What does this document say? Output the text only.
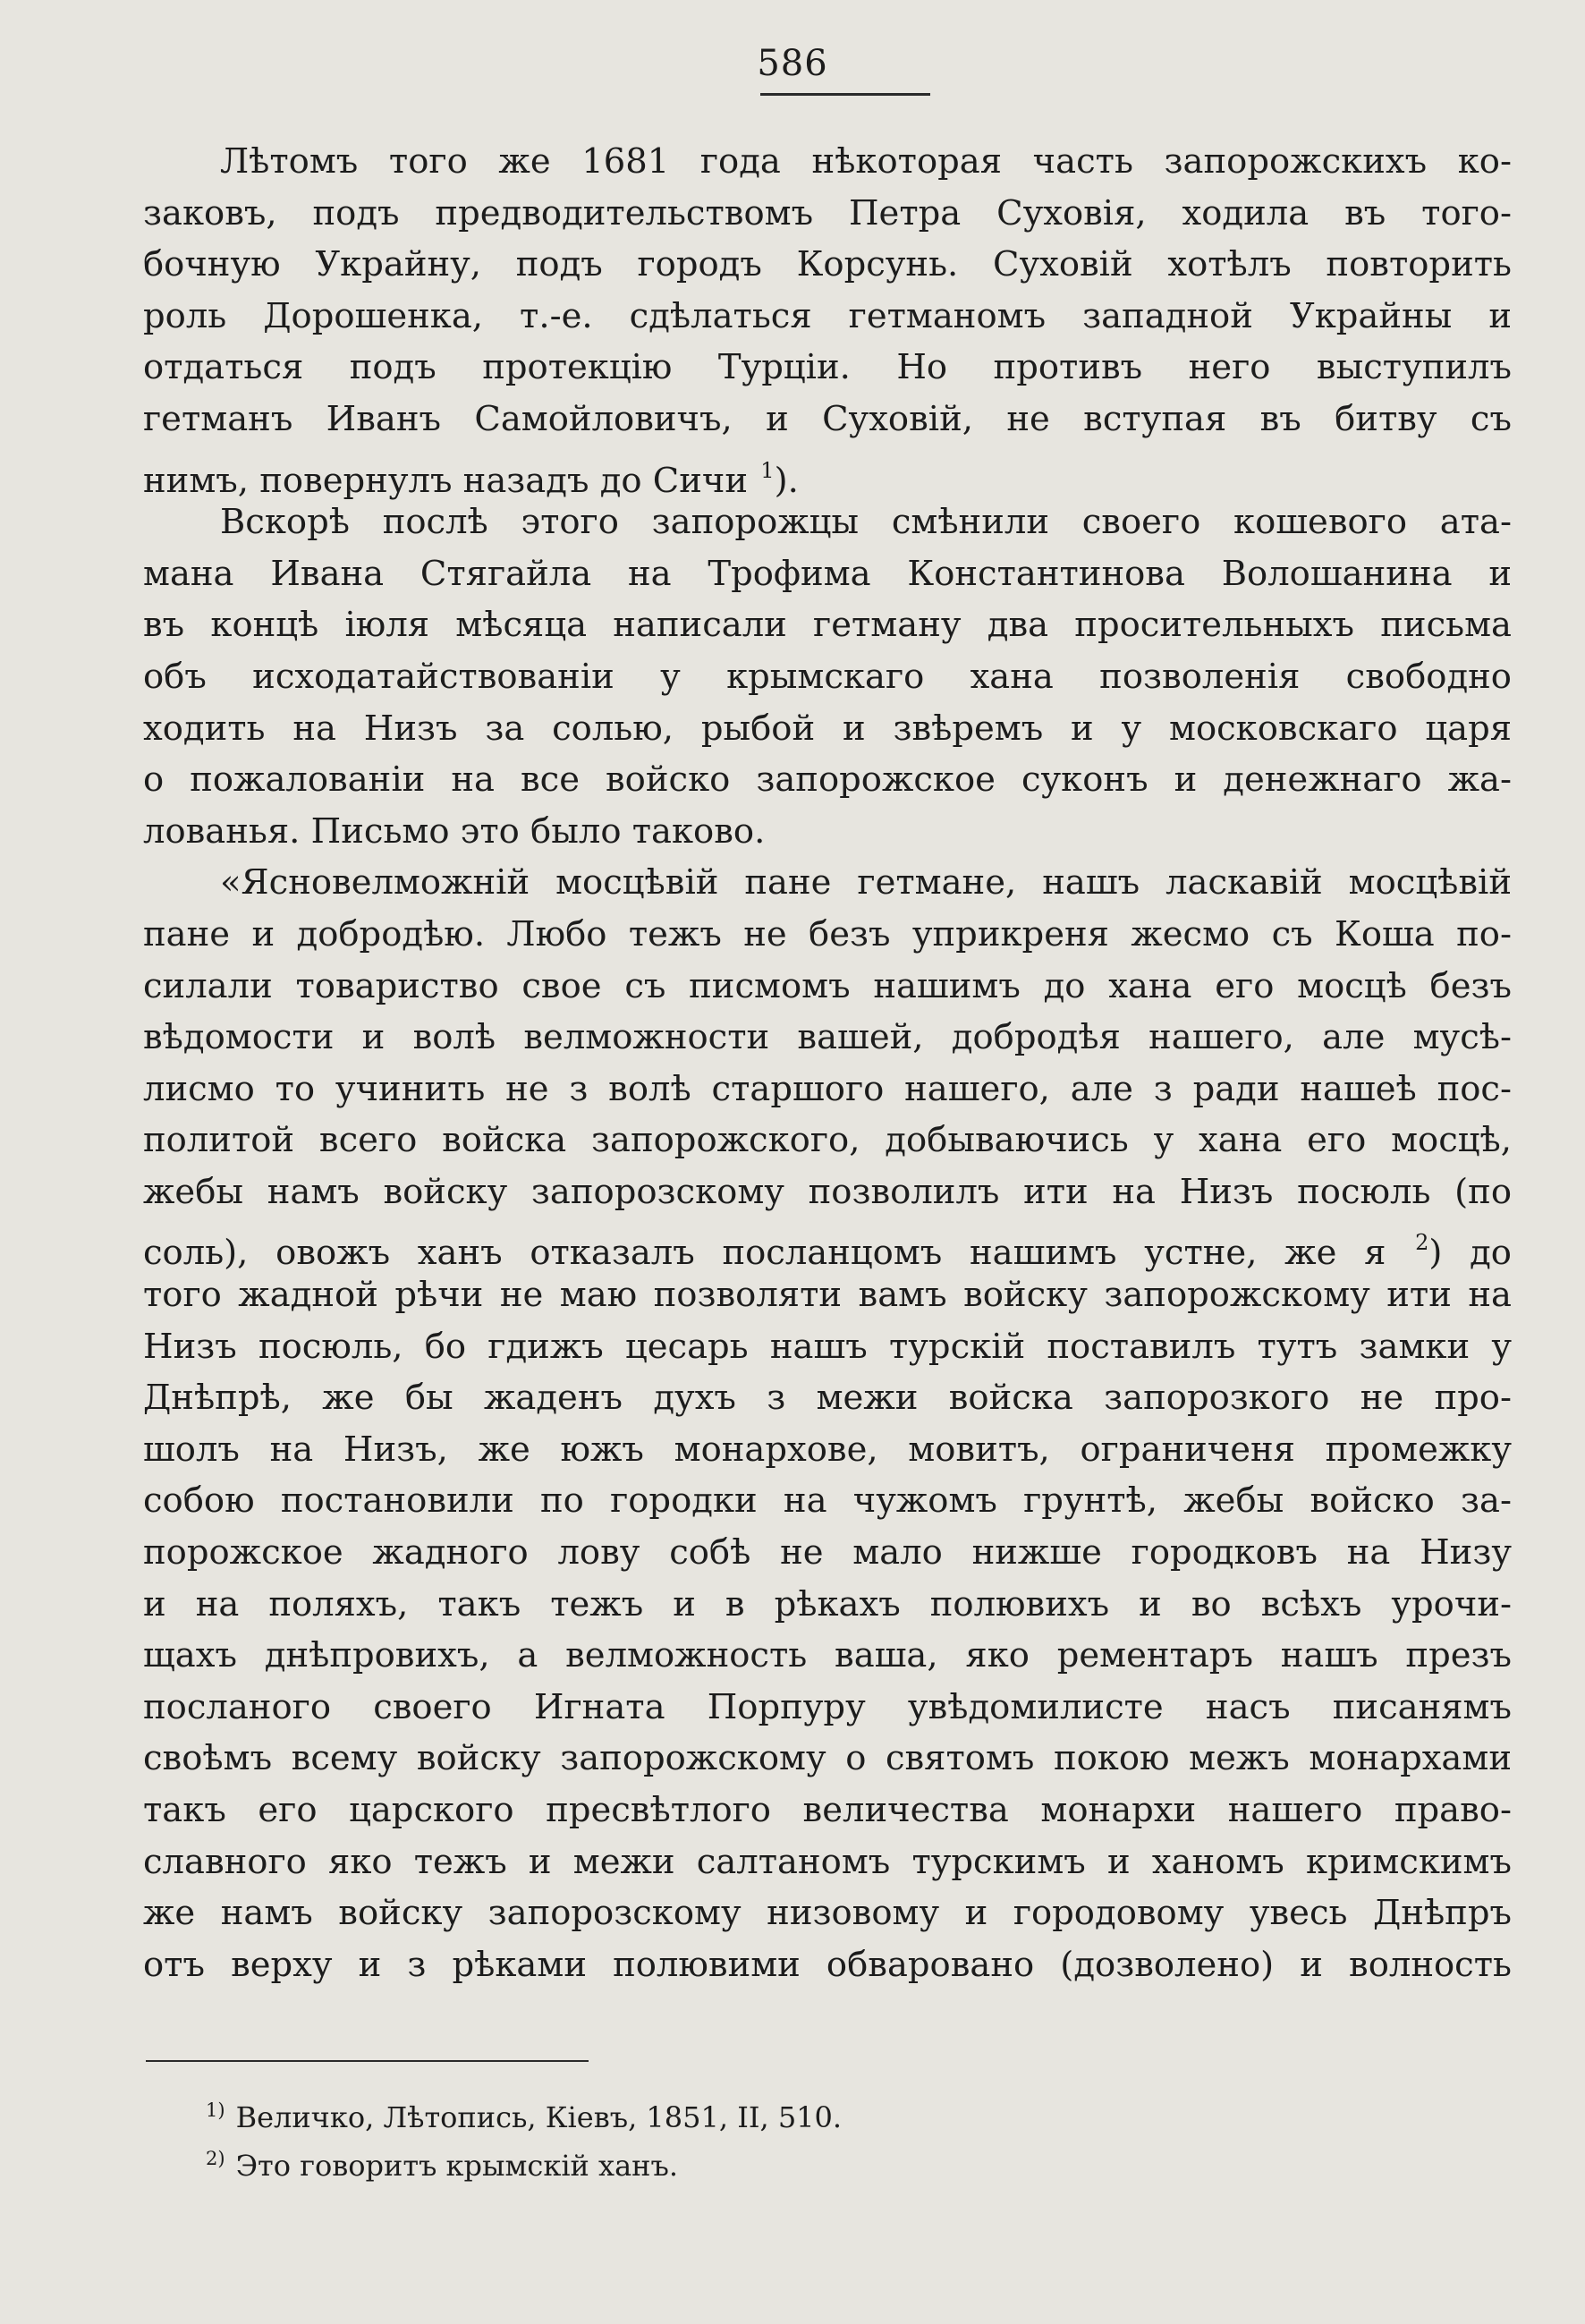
586
Лѣтомъ того же 1681 года нѣкоторая часть запорожскихъ ко-
заковъ, подъ предводительствомъ Петра Суховія, ходила въ того-
бочную Украйну, подъ городъ Корсунь. Суховій хотѣлъ повторить
роль Дорошенка, т.-е. сдѣлаться гетманомъ западной Украйны и
отдаться подъ протекцію Турціи. Но противъ него выступилъ
гетманъ Иванъ Самойловичъ, и Суховій, не вступая въ битву съ
нимъ, повернулъ назадъ до Сичи $^1$).
Вскорѣ послѣ этого запорожцы смѣнили своего кошевого ата-
мана Ивана Стягайла на Трофима Константинова Волошанина и
въ концѣ іюля мѣсяца написали гетману два просительныхъ письма
объ исходатайствованіи у крымскаго хана позволенія свободно
ходить на Низъ за солью, рыбой и звѣремъ и у московскаго царя
о пожалованіи на все войско запорожское суконъ и денежнаго жа-
лованья. Письмо это было таково.
«Ясновелможній мосцѣвій пане гетмане, нашъ ласкавій мосцѣвій
пане и добродѣю. Любо тежъ не безъ уприкреня жесмо съ Коша по-
силали товариство свое съ писмомъ нашимъ до хана его мосцѣ безъ
вѣдомости и волѣ велможности вашей, добродѣя нашего, але мусѣ-
лисмо то учинить не з волѣ старшого нашего, але з ради нашеѣ пос-
политой всего войска запорожского, добываючись у хана его мосцѣ,
жебы намъ войску запорозскому позволилъ ити на Низъ посюль (по
соль), овожъ ханъ отказалъ посланцомъ нашимъ устне, же я $^2$) до
того жадной рѣчи не маю позволяти вамъ войску запорожскому ити на
Низъ посюль, бо гдижъ цесарь нашъ турскій поставилъ тутъ замки у
Днѣпрѣ, же бы жаденъ духъ з межи войска запорозкого не про-
шолъ на Низъ, же южъ монархове, мовитъ, ограниченя промежку
собою постановили по городки на чужомъ грунтѣ, жебы войско за-
порожское жадного лову собѣ не мало нижше городковъ на Низу
и на поляхъ, такъ тежъ и в рѣкахъ полювихъ и во всѣхъ урочи-
щахъ днѣпровихъ, а велможность ваша, яко рементаръ нашъ презъ
посланого своего Игната Порпуру увѣдомилисте насъ писанямъ
своѣмъ всему войску запорожскому о святомъ покою межъ монархами
такъ его царского пресвѣтлого величества монархи нашего право-
славного яко тежъ и межи салтаномъ турскимъ и ханомъ кримскимъ
же намъ войску запорозскому низовому и городовому увесь Днѣпръ
отъ верху и з рѣками полювими обваровано (дозволено) и волность
$^{1)}$ Величко, Лѣтопись, Кіевъ, 1851, II, 510.
$^{2)}$ Это говоритъ крымскій ханъ.
